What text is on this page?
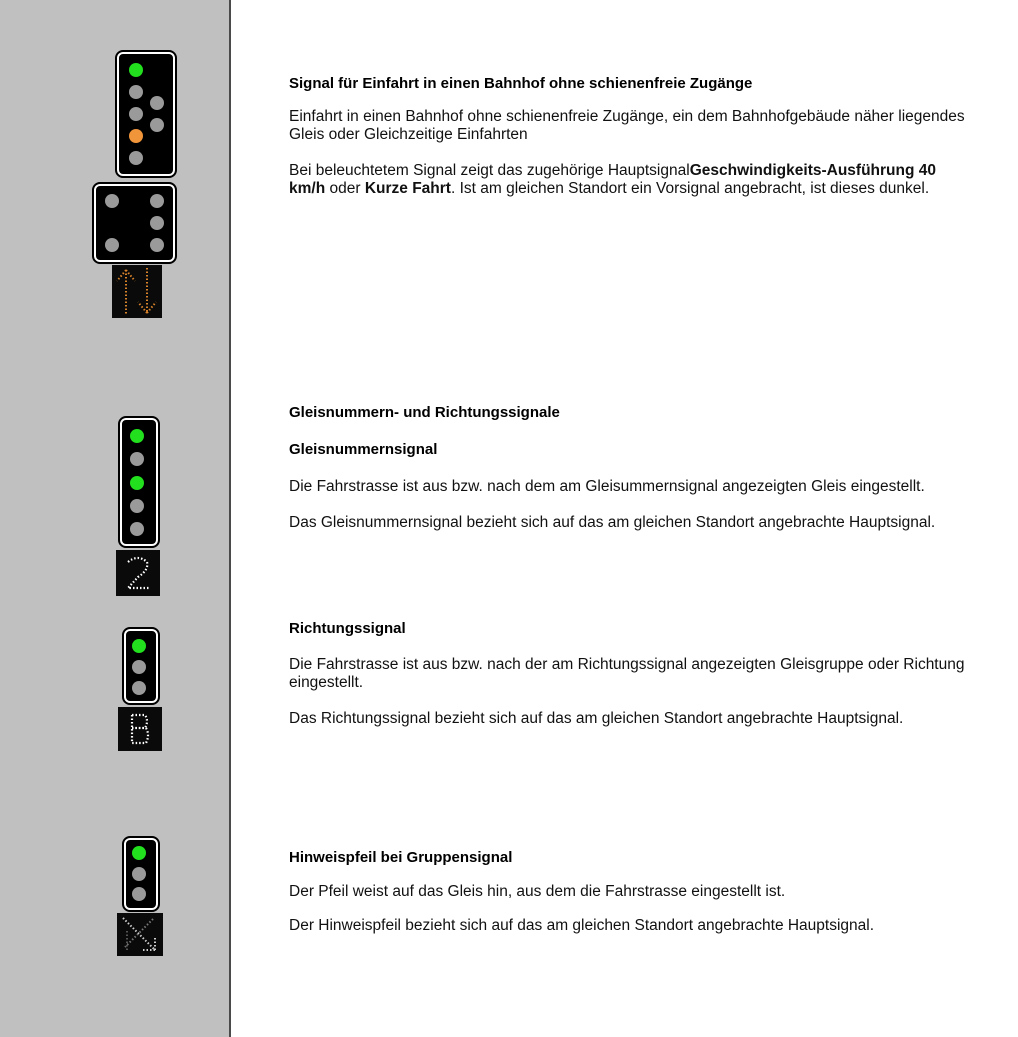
Signal für Einfahrt in einen Bahnhof ohne schienenfreie Zugänge

Einfahrt in einen Bahnhof ohne schienenfreie Zugänge, ein dem Bahnhofgebäude näher liegendes Gleis oder Gleichzeitige Einfahrten

Bei beleuchtetem Signal zeigt das zugehörige HauptsignalGeschwindigkeits-Ausführung 40 km/h oder Kurze Fahrt. Ist am gleichen Standort ein Vorsignal angebracht, ist dieses dunkel.

Gleisnummern- und Richtungssignale

Gleisnummernsignal

Die Fahrstrasse ist aus bzw. nach dem am Gleisummernsignal angezeigten Gleis eingestellt.

Das Gleisnummernsignal bezieht sich auf das am gleichen Standort angebrachte Hauptsignal.

Richtungssignal

Die Fahrstrasse ist aus bzw. nach der am Richtungssignal angezeigten Gleisgruppe oder Richtung eingestellt.

Das Richtungssignal bezieht sich auf das am gleichen Standort angebrachte Hauptsignal.

Hinweispfeil bei Gruppensignal

Der Pfeil weist auf das Gleis hin, aus dem die Fahrstrasse eingestellt ist.

Der Hinweispfeil bezieht sich auf das am gleichen Standort angebrachte Hauptsignal.
